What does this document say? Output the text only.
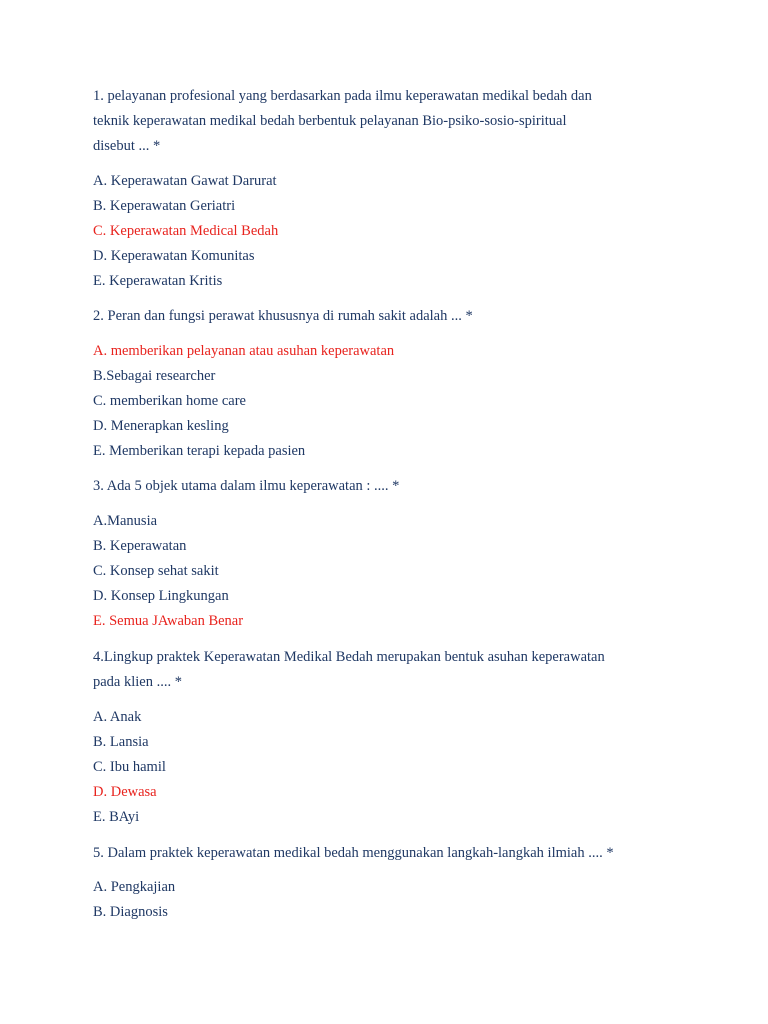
1. pelayanan profesional yang berdasarkan pada ilmu keperawatan medikal bedah dan
teknik keperawatan medikal bedah berbentuk pelayanan Bio-psiko-sosio-spiritual
disebut ... *
A. Keperawatan Gawat Darurat
B. Keperawatan Geriatri
C. Keperawatan Medical Bedah
D. Keperawatan Komunitas
E. Keperawatan Kritis
2. Peran dan fungsi perawat khususnya di rumah sakit adalah ... *
A. memberikan pelayanan atau asuhan keperawatan
B.Sebagai researcher
C. memberikan home care
D. Menerapkan kesling
E. Memberikan terapi kepada pasien
3. Ada 5 objek utama dalam ilmu keperawatan : .... *
A.Manusia
B. Keperawatan
C. Konsep sehat sakit
D. Konsep Lingkungan
E. Semua JAwaban Benar
4.Lingkup praktek Keperawatan Medikal Bedah merupakan bentuk asuhan keperawatan
pada klien .... *
A. Anak
B. Lansia
C. Ibu hamil
D. Dewasa
E. BAyi
5. Dalam praktek keperawatan medikal bedah menggunakan langkah-langkah ilmiah .... *
A. Pengkajian
B. Diagnosis
